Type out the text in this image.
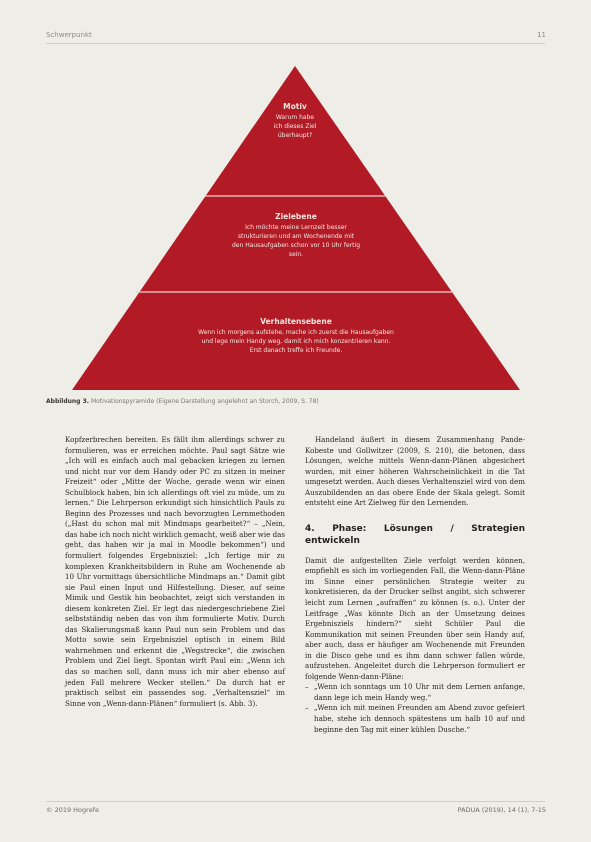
Schwerpunkt	11
Motiv
Warum habe
ich dieses Ziel
überhaupt?
Zielebene
Ich möchte meine Lernzeit besser
strukturieren und am Wochenende mit
den Hausaufgaben schon vor 10 Uhr fertig
sein.
Verhaltensebene
Wenn ich morgens aufstehe, mache ich zuerst die Hausaufgaben
und lege mein Handy weg, damit ich mich konzentrieren kann.
Erst danach treffe ich Freunde.
Abbildung 3. Motivationspyramide (Eigene Darstellung angelehnt an Storch, 2009, S. 78)

Kopfzerbrechen bereiten. Es fällt ihm allerdings schwer zu formulieren, was er erreichen möchte. Paul sagt Sätze wie „Ich will es einfach auch mal gebacken kriegen zu lernen und nicht nur vor dem Handy oder PC zu sitzen in meiner Freizeit“ oder „Mitte der Woche, gerade wenn wir einen Schulblock haben, bin ich allerdings oft viel zu müde, um zu lernen.“ Die Lehrperson erkundigt sich hinsichtlich Pauls zu Beginn des Prozesses und nach bevorzugten Lernmethoden („Hast du schon mal mit Mindmaps gearbeitet?“ – „Nein, das habe ich noch nicht wirklich gemacht, weiß aber wie das geht, das haben wir ja mal in Moodle bekommen“) und formuliert folgendes Ergebnisziel: „Ich fertige mir zu komplexen Krankheitsbildern in Ruhe am Wochenende ab 10 Uhr vormittags übersichtliche Mindmaps an.“ Damit gibt sie Paul einen Input und Hilfestellung. Dieser, auf seine Mimik und Gestik hin beobachtet, zeigt sich verstanden in diesem konkreten Ziel. Er legt das niedergeschriebene Ziel selbstständig neben das von ihm formulierte Motiv. Durch das Skalierungsmaß kann Paul nun sein Problem und das Motto sowie sein Ergebnisziel optisch in einem Bild wahrnehmen und erkennt die „Wegstrecke“, die zwischen Problem und Ziel liegt. Spontan wirft Paul ein: „Wenn ich das so machen soll, dann muss ich mir aber ebenso auf jeden Fall mehrere Wecker stellen.“ Da durch hat er praktisch selbst ein passendes sog. „Verhaltensziel“ im Sinne von „Wenn-dann-Plänen“ formuliert (s. Abb. 3).

Handeland äußert in diesem Zusammenhang Pande-Kobeste und Gollwitzer (2009, S. 210), die betonen, dass Lösungen, welche mittels Wenn-dann-Plänen abgesichert wurden, mit einer höheren Wahrscheinlichkeit in die Tat umgesetzt werden. Auch dieses Verhaltensziel wird von dem Auszubildenden an das obere Ende der Skala gelegt. Somit entsteht eine Art Zielweg für den Lernenden.

4. Phase: Lösungen / Strategien entwickeln

Damit die aufgestellten Ziele verfolgt werden können, empfiehlt es sich im vorliegenden Fall, die Wenn-dann-Pläne im Sinne einer persönlichen Strategie weiter zu konkretisieren, da der Drucker selbst angibt, sich schwerer leicht zum Lernen „aufraffen“ zu können (s. o.). Unter der Leitfrage „Was könnte Dich an der Umsetzung deines Ergebnisziels hindern?“ sieht Schüler Paul die Kommunikation mit seinen Freunden über sein Handy auf, aber auch, dass er häufiger am Wochenende mit Freunden in die Disco gehe und es ihm dann schwer fallen würde, aufzustehen. Angeleitet durch die Lehrperson formuliert er folgende Wenn-dann-Pläne:

– „Wenn ich sonntags um 10 Uhr mit dem Lernen anfange, dann lege ich mein Handy weg.“

– „Wenn ich mit meinen Freunden am Abend zuvor gefeiert habe, stehe ich dennoch spätestens um halb 10 auf und beginne den Tag mit einer kühlen Dusche.“

© 2019 Hogrefe	PADUA (2019), 14 (1), 7-15
